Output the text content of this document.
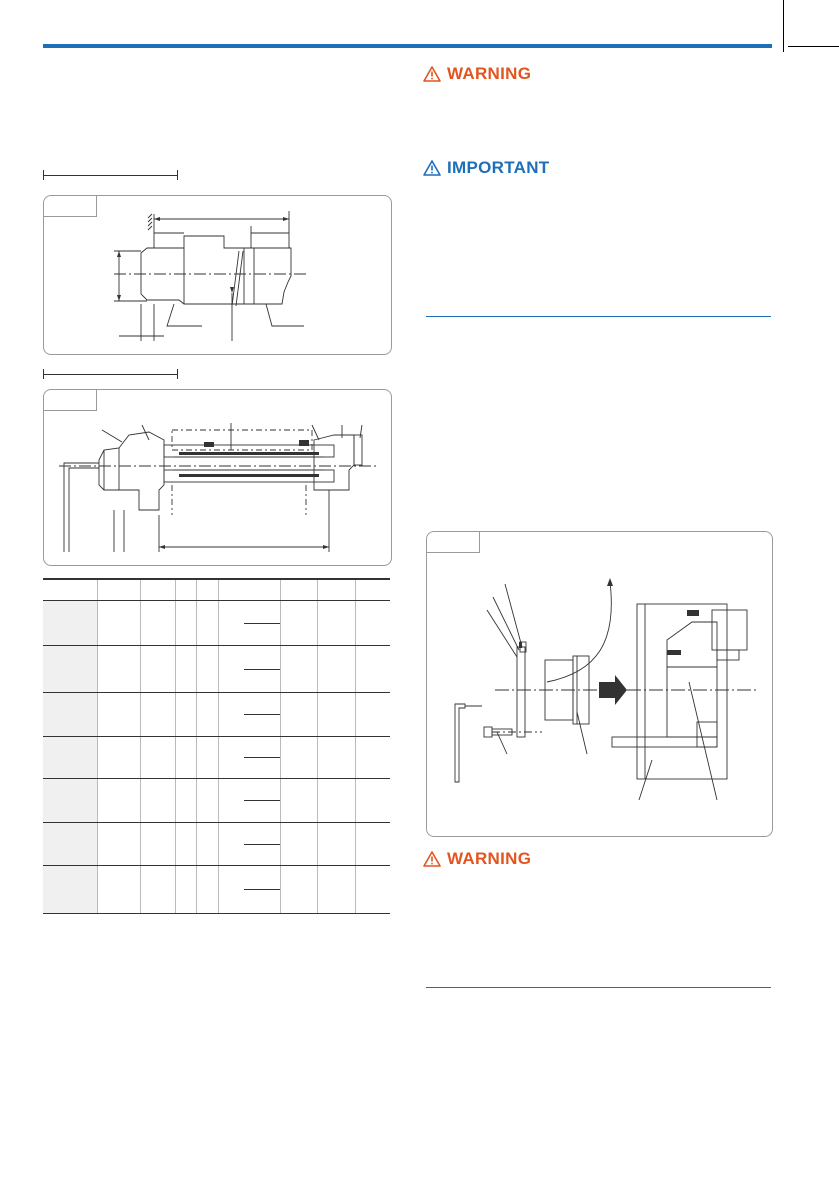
WARNING
IMPORTANT
WARNING
